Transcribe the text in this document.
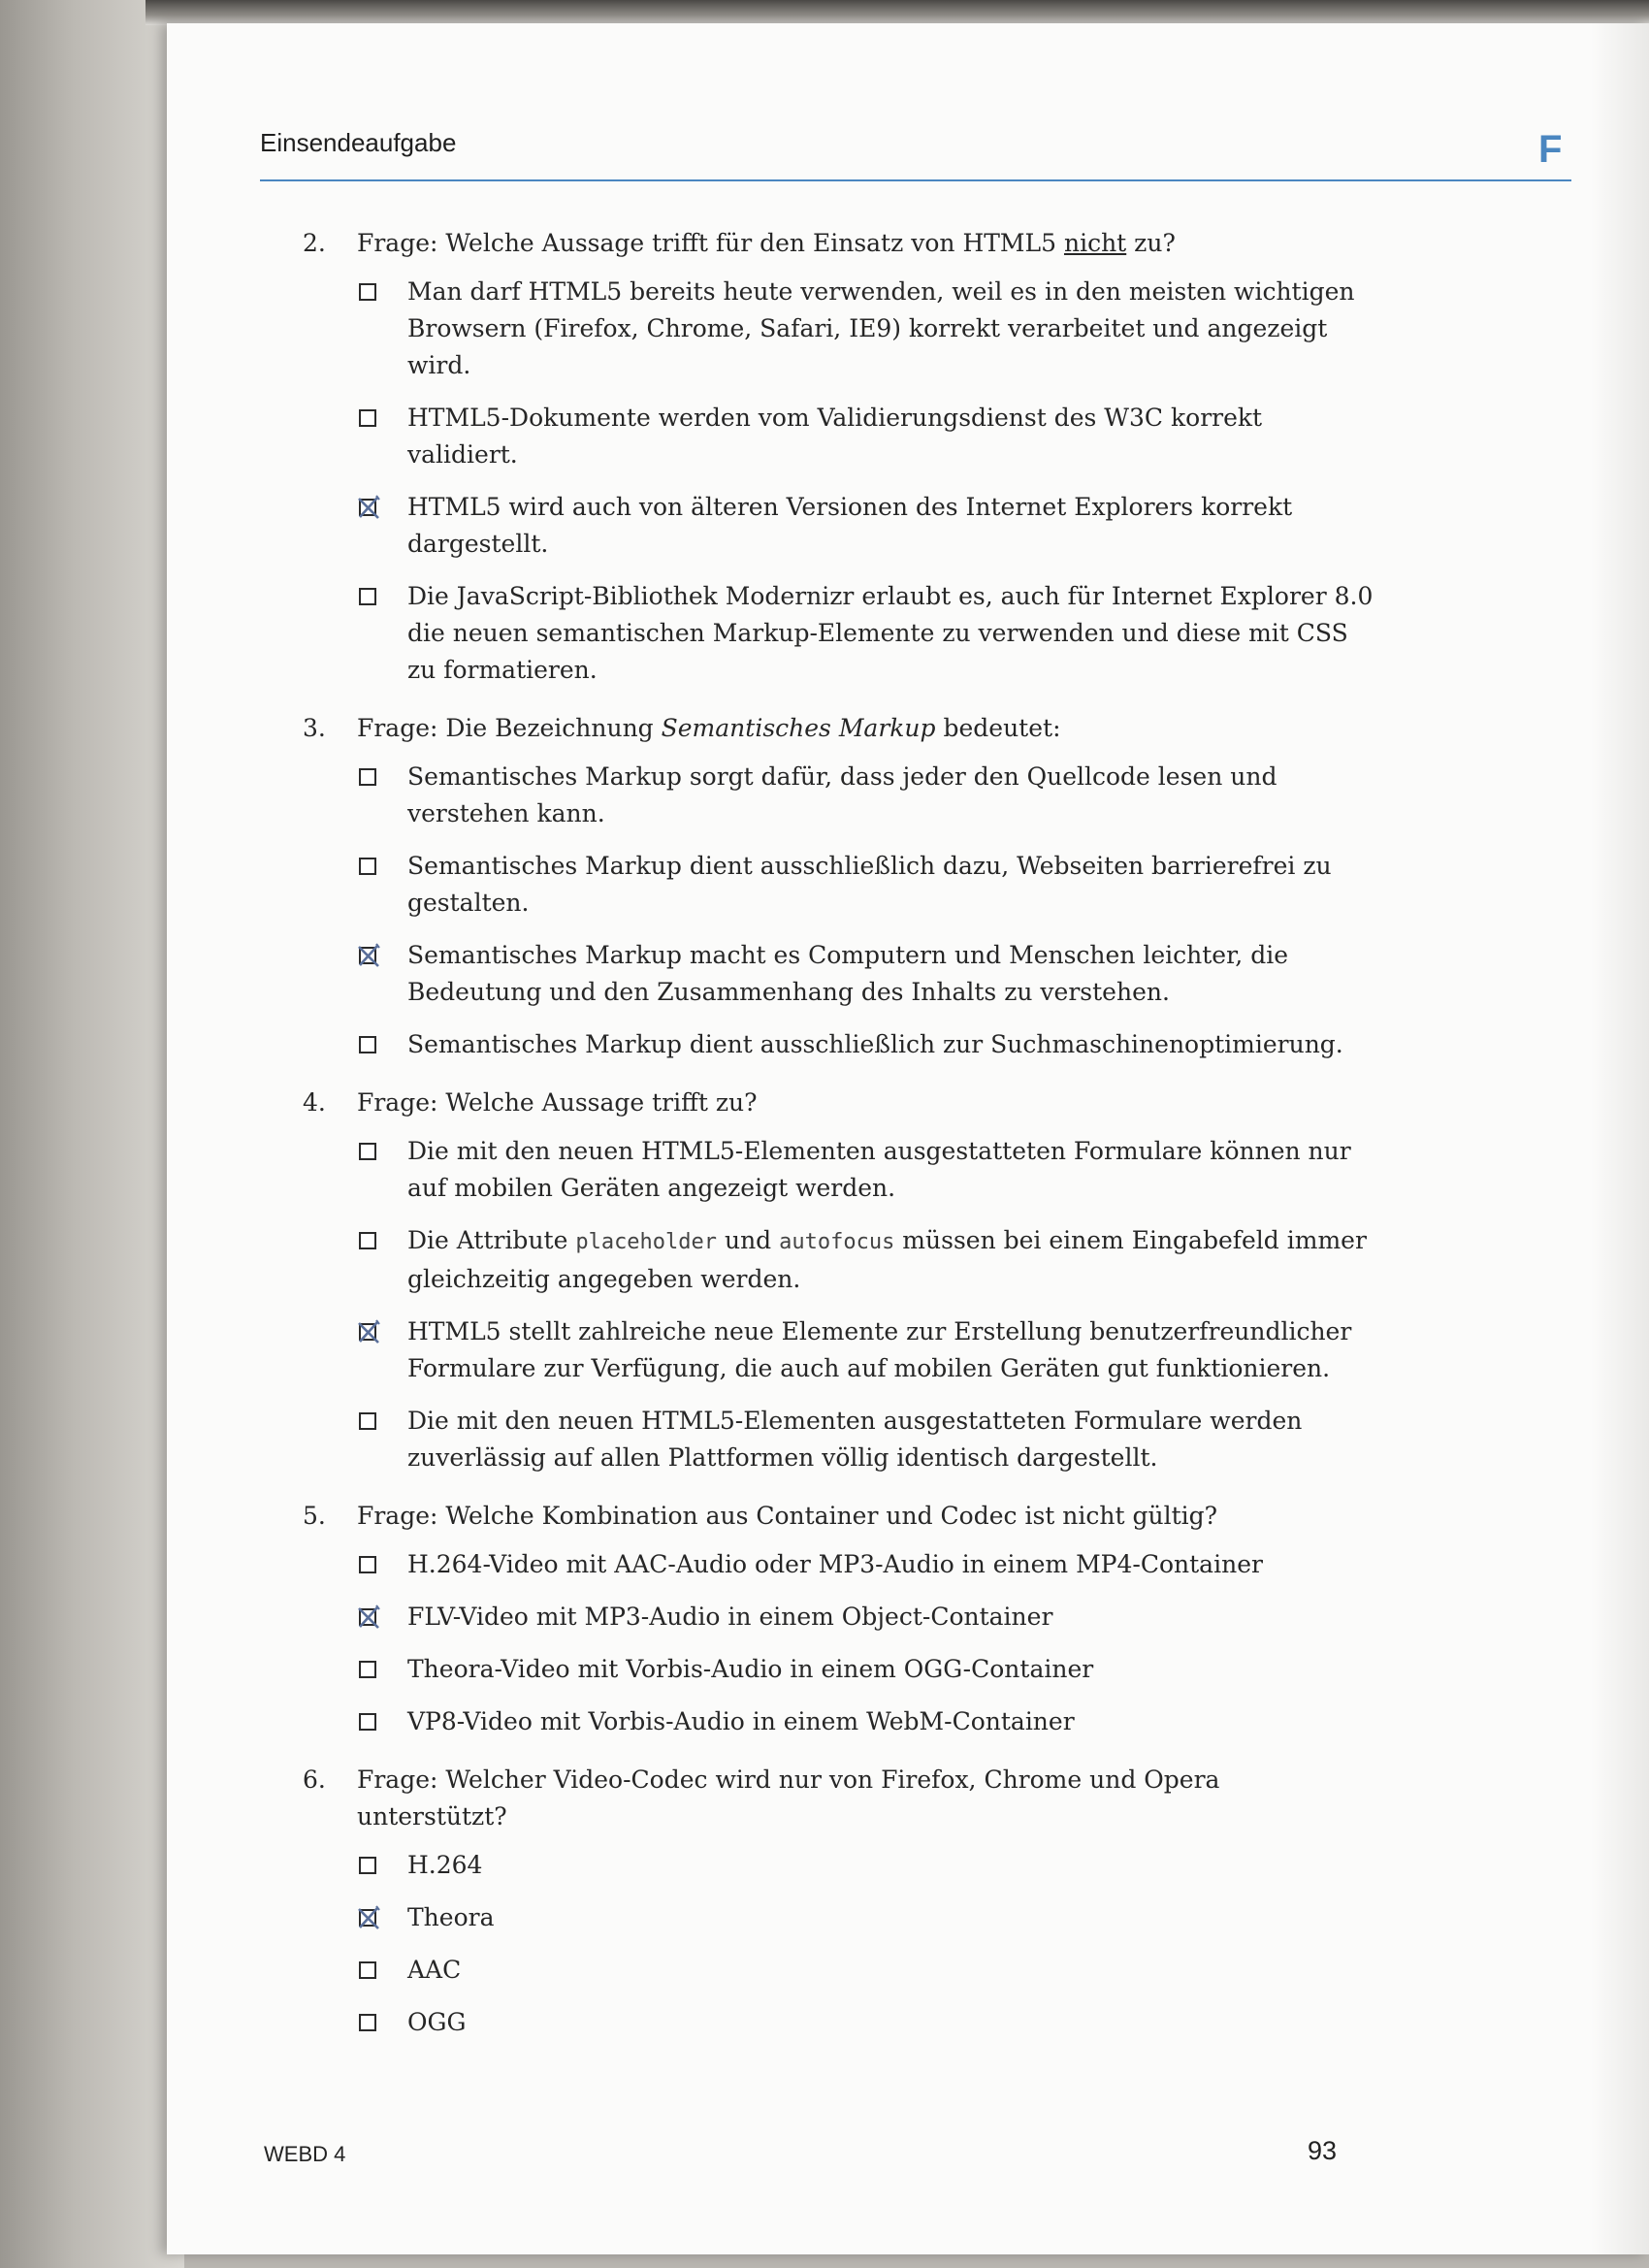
Einsendeaufgabe	F
2.	Frage: Welche Aussage trifft für den Einsatz von HTML5 nicht zu?
Man darf HTML5 bereits heute verwenden, weil es in den meisten wichtigen Browsern (Firefox, Chrome, Safari, IE9) korrekt verarbeitet und angezeigt wird.
HTML5-Dokumente werden vom Validierungsdienst des W3C korrekt validiert.
HTML5 wird auch von älteren Versionen des Internet Explorers korrekt dargestellt.
Die JavaScript-Bibliothek Modernizr erlaubt es, auch für Internet Explorer 8.0 die neuen semantischen Markup-Elemente zu verwenden und diese mit CSS zu formatieren.
3.	Frage: Die Bezeichnung Semantisches Markup bedeutet:
Semantisches Markup sorgt dafür, dass jeder den Quellcode lesen und verstehen kann.
Semantisches Markup dient ausschließlich dazu, Webseiten barrierefrei zu gestalten.
Semantisches Markup macht es Computern und Menschen leichter, die Bedeutung und den Zusammenhang des Inhalts zu verstehen.
Semantisches Markup dient ausschließlich zur Suchmaschinenoptimierung.
4.	Frage: Welche Aussage trifft zu?
Die mit den neuen HTML5-Elementen ausgestatteten Formulare können nur auf mobilen Geräten angezeigt werden.
Die Attribute placeholder und autofocus müssen bei einem Eingabefeld immer gleichzeitig angegeben werden.
HTML5 stellt zahlreiche neue Elemente zur Erstellung benutzerfreundlicher Formulare zur Verfügung, die auch auf mobilen Geräten gut funktionieren.
Die mit den neuen HTML5-Elementen ausgestatteten Formulare werden zuverlässig auf allen Plattformen völlig identisch dargestellt.
5.	Frage: Welche Kombination aus Container und Codec ist nicht gültig?
H.264-Video mit AAC-Audio oder MP3-Audio in einem MP4-Container
FLV-Video mit MP3-Audio in einem Object-Container
Theora-Video mit Vorbis-Audio in einem OGG-Container
VP8-Video mit Vorbis-Audio in einem WebM-Container
6.	Frage: Welcher Video-Codec wird nur von Firefox, Chrome und Opera unterstützt?
H.264
Theora
AAC
OGG
WEBD 4	93
